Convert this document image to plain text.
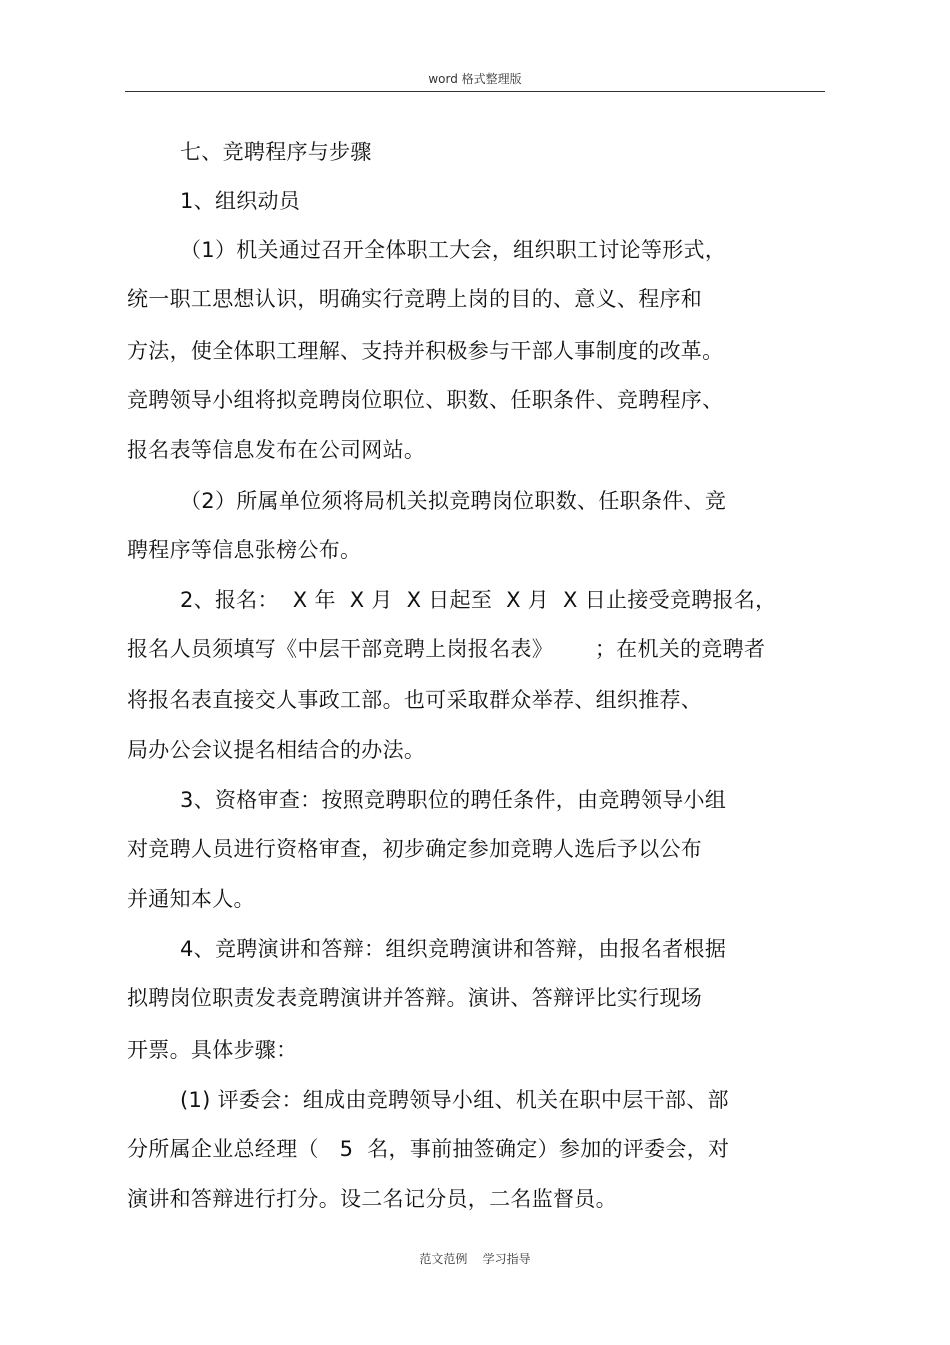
word 格式整理版
七、竞聘程序与步骤
1、组织动员
（1）机关通过召开全体职工大会，组织职工讨论等形式，
统一职工思想认识，明确实行竞聘上岗的目的、意义、程序和
方法，使全体职工理解、支持并积极参与干部人事制度的改革。
竞聘领导小组将拟竞聘岗位职位、职数、任职条件、竞聘程序、
报名表等信息发布在公司网站。
（2）所属单位须将局机关拟竞聘岗位职数、任职条件、竞
聘程序等信息张榜公布。
2、报名：  X 年  X 月  X 日起至  X 月  X 日止接受竞聘报名，
报名人员须填写《中层干部竞聘上岗报名表》      ；在机关的竞聘者
将报名表直接交人事政工部。也可采取群众举荐、组织推荐、
局办公会议提名相结合的办法。
3、资格审查：按照竞聘职位的聘任条件，由竞聘领导小组
对竞聘人员进行资格审查，初步确定参加竞聘人选后予以公布
并通知本人。
4、竞聘演讲和答辩：组织竞聘演讲和答辩，由报名者根据
拟聘岗位职责发表竞聘演讲并答辩。演讲、答辩评比实行现场
开票。具体步骤：
(1) 评委会：组成由竞聘领导小组、机关在职中层干部、部
分所属企业总经理（   5  名，事前抽签确定）参加的评委会，对
演讲和答辩进行打分。设二名记分员，二名监督员。
范文范例    学习指导
